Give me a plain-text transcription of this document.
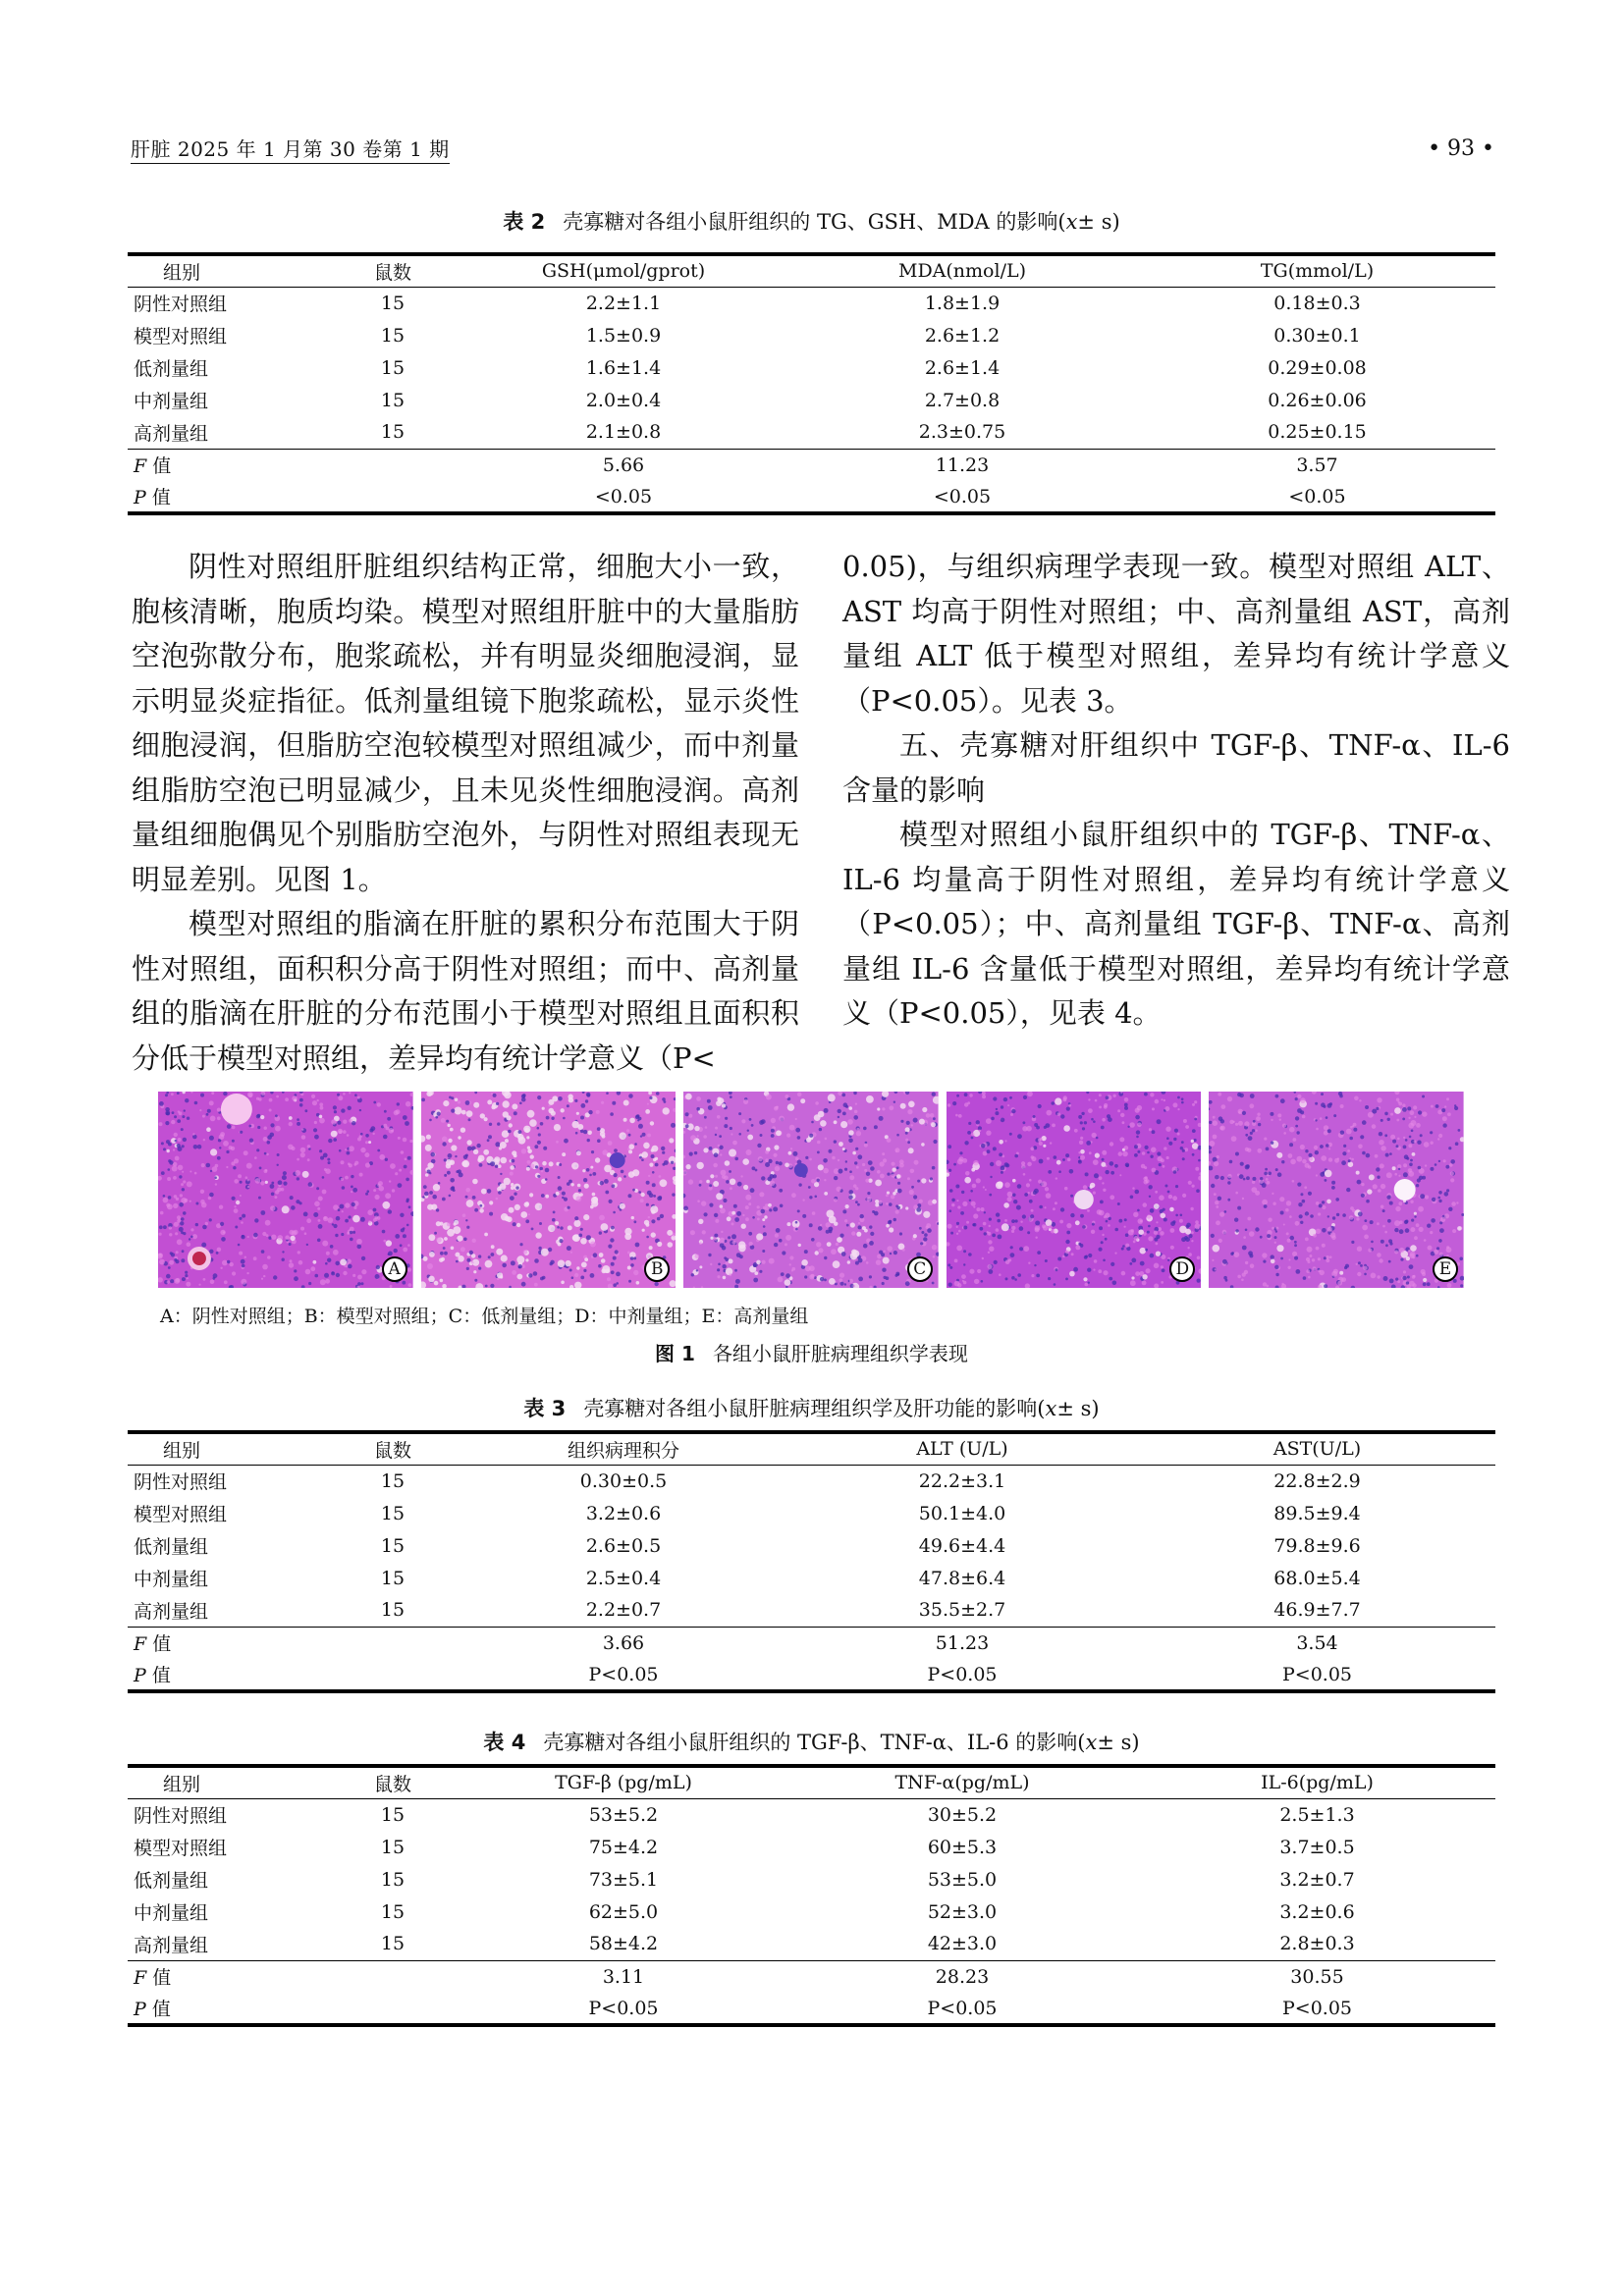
肝脏 2025 年 1 月第 30 卷第 1 期	• 93 •
表 2 壳寡糖对各组小鼠肝组织的 TG、GSH、MDA 的影响(x± s)
组别	鼠数	GSH(μmol/gprot)	MDA(nmol/L)	TG(mmol/L)
阴性对照组	15	2.2±1.1	1.8±1.9	0.18±0.3
模型对照组	15	1.5±0.9	2.6±1.2	0.30±0.1
低剂量组	15	1.6±1.4	2.6±1.4	0.29±0.08
中剂量组	15	2.0±0.4	2.7±0.8	0.26±0.06
高剂量组	15	2.1±0.8	2.3±0.75	0.25±0.15
F 值		5.66	11.23	3.57
P 值		<0.05	<0.05	<0.05

阴性对照组肝脏组织结构正常，细胞大小一致，胞核清晰，胞质均染。模型对照组肝脏中的大量脂肪空泡弥散分布，胞浆疏松，并有明显炎细胞浸润，显示明显炎症指征。低剂量组镜下胞浆疏松，显示炎性细胞浸润，但脂肪空泡较模型对照组减少，而中剂量组脂肪空泡已明显减少，且未见炎性细胞浸润。高剂量组细胞偶见个别脂肪空泡外，与阴性对照组表现无明显差别。见图 1。

模型对照组的脂滴在肝脏的累积分布范围大于阴性对照组，面积积分高于阴性对照组；而中、高剂量组的脂滴在肝脏的分布范围小于模型对照组且面积积分低于模型对照组，差异均有统计学意义（P<

0.05)，与组织病理学表现一致。模型对照组 ALT、AST 均高于阴性对照组；中、高剂量组 AST，高剂量组 ALT 低于模型对照组，差异均有统计学意义（P<0.05）。见表 3。

五、壳寡糖对肝组织中 TGF-β、TNF-α、IL-6 含量的影响

模型对照组小鼠肝组织中的 TGF-β、TNF-α、IL-6 均量高于阴性对照组，差异均有统计学意义（P<0.05）；中、高剂量组 TGF-β、TNF-α、高剂量组 IL-6 含量低于模型对照组，差异均有统计学意义（P<0.05），见表 4。

A	B	C	D	E
A：阴性对照组；B：模型对照组；C：低剂量组；D：中剂量组；E：高剂量组
图 1 各组小鼠肝脏病理组织学表现
表 3 壳寡糖对各组小鼠肝脏病理组织学及肝功能的影响(x± s)
组别	鼠数	组织病理积分	ALT (U/L)	AST(U/L)
阴性对照组	15	0.30±0.5	22.2±3.1	22.8±2.9
模型对照组	15	3.2±0.6	50.1±4.0	89.5±9.4
低剂量组	15	2.6±0.5	49.6±4.4	79.8±9.6
中剂量组	15	2.5±0.4	47.8±6.4	68.0±5.4
高剂量组	15	2.2±0.7	35.5±2.7	46.9±7.7
F 值		3.66	51.23	3.54
P 值		P<0.05	P<0.05	P<0.05
表 4 壳寡糖对各组小鼠肝组织的 TGF-β、TNF-α、IL-6 的影响(x± s)
组别	鼠数	TGF-β (pg/mL)	TNF-α(pg/mL)	IL-6(pg/mL)
阴性对照组	15	53±5.2	30±5.2	2.5±1.3
模型对照组	15	75±4.2	60±5.3	3.7±0.5
低剂量组	15	73±5.1	53±5.0	3.2±0.7
中剂量组	15	62±5.0	52±3.0	3.2±0.6
高剂量组	15	58±4.2	42±3.0	2.8±0.3
F 值		3.11	28.23	30.55
P 值		P<0.05	P<0.05	P<0.05
